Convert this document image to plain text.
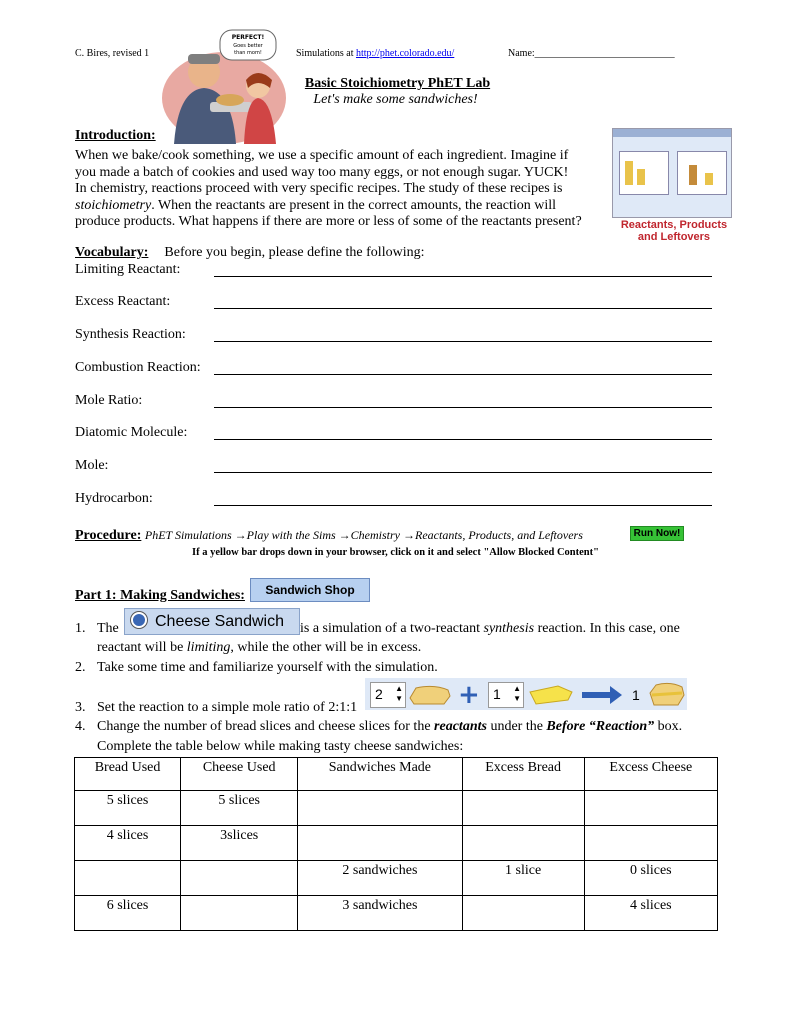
C. Bires, revised 1	Simulations at http://phet.colorado.edu/	Name:____________________________
PERFECT!
Goes better
than mom!
Basic Stoichiometry PhET Lab
Let's make some sandwiches!
Introduction:
When we bake/cook something, we use a specific amount of each ingredient. Imagine if
you made a batch of cookies and used way too many eggs, or not enough sugar. YUCK!
In chemistry, reactions proceed with very specific recipes. The study of these recipes is
stoichiometry. When the reactants are present in the correct amounts, the reaction will
produce products. What happens if there are more or less of some of the reactants present?	Reactants, Products
and Leftovers
Vocabulary: Before you begin, please define the following:
Limiting Reactant:
Excess Reactant:
Synthesis Reaction:
Combustion Reaction:
Mole Ratio:
Diatomic Molecule:
Mole:
Hydrocarbon:
Procedure: PhET Simulations →Play with the Sims →Chemistry →Reactants, Products, and Leftovers	Run Now!
If a yellow bar drops down in your browser, click on it and select "Allow Blocked Content"
Part 1: Making Sandwiches:	Sandwich Shop
1. The	Cheese Sandwich	is a simulation of a two-reactant synthesis reaction. In this case, one
reactant will be limiting, while the other will be in excess.
2. Take some time and familiarize yourself with the simulation.
3. Set the reaction to a simple mole ratio of 2:1:1
2 ▲
▼ + 1 ▲
▼	1
4. Change the number of bread slices and cheese slices for the reactants under the Before “Reaction” box.
Complete the table below while making tasty cheese sandwiches:
Bread Used	Cheese Used	Sandwiches Made	Excess Bread	Excess Cheese
5 slices	5 slices			
4 slices	3slices			
		2 sandwiches	1 slice	0 slices
6 slices		3 sandwiches		4 slices
